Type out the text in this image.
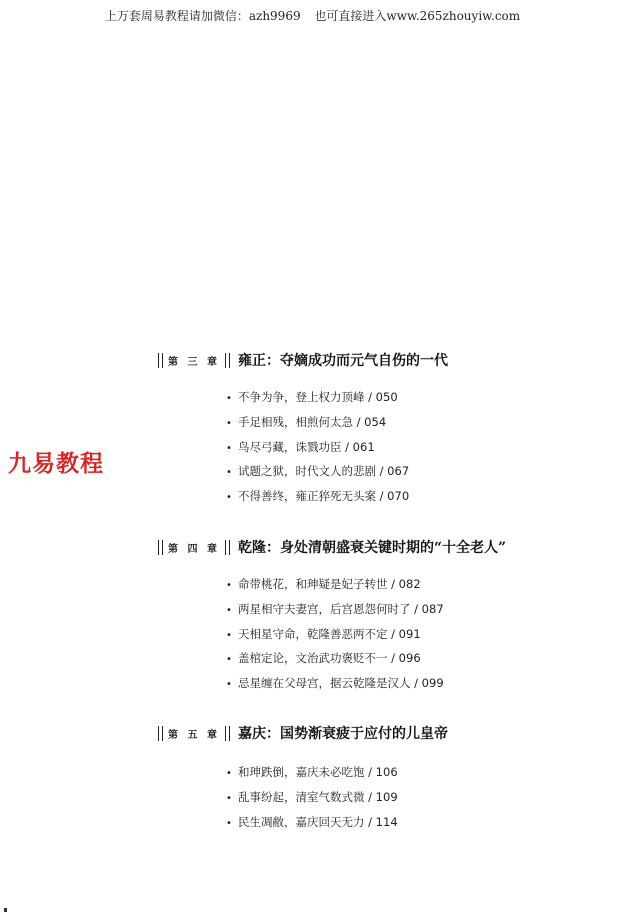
上万套周易教程请加微信：azh9969 也可直接进入www.265zhouyiw.com
九易教程
第 三 章 雍正：夺嫡成功而元气自伤的一代
• 不争为争，登上权力顶峰 / 050
• 手足相残，相煎何太急 / 054
• 鸟尽弓藏，诛戮功臣 / 061
• 试题之狱，时代文人的悲剧 / 067
• 不得善终，雍正猝死无头案 / 070
第 四 章 乾隆：身处清朝盛衰关键时期的“十全老人”
• 命带桃花，和珅疑是妃子转世 / 082
• 两星相守夫妻宫，后宫恩怨何时了 / 087
• 天相星守命，乾隆善恶两不定 / 091
• 盖棺定论，文治武功褒贬不一 / 096
• 忌星缠在父母宫，据云乾隆是汉人 / 099
第 五 章 嘉庆：国势渐衰疲于应付的儿皇帝
• 和珅跌倒，嘉庆未必吃饱 / 106
• 乱事纷起，清室气数式微 / 109
• 民生凋敝，嘉庆回天无力 / 114
